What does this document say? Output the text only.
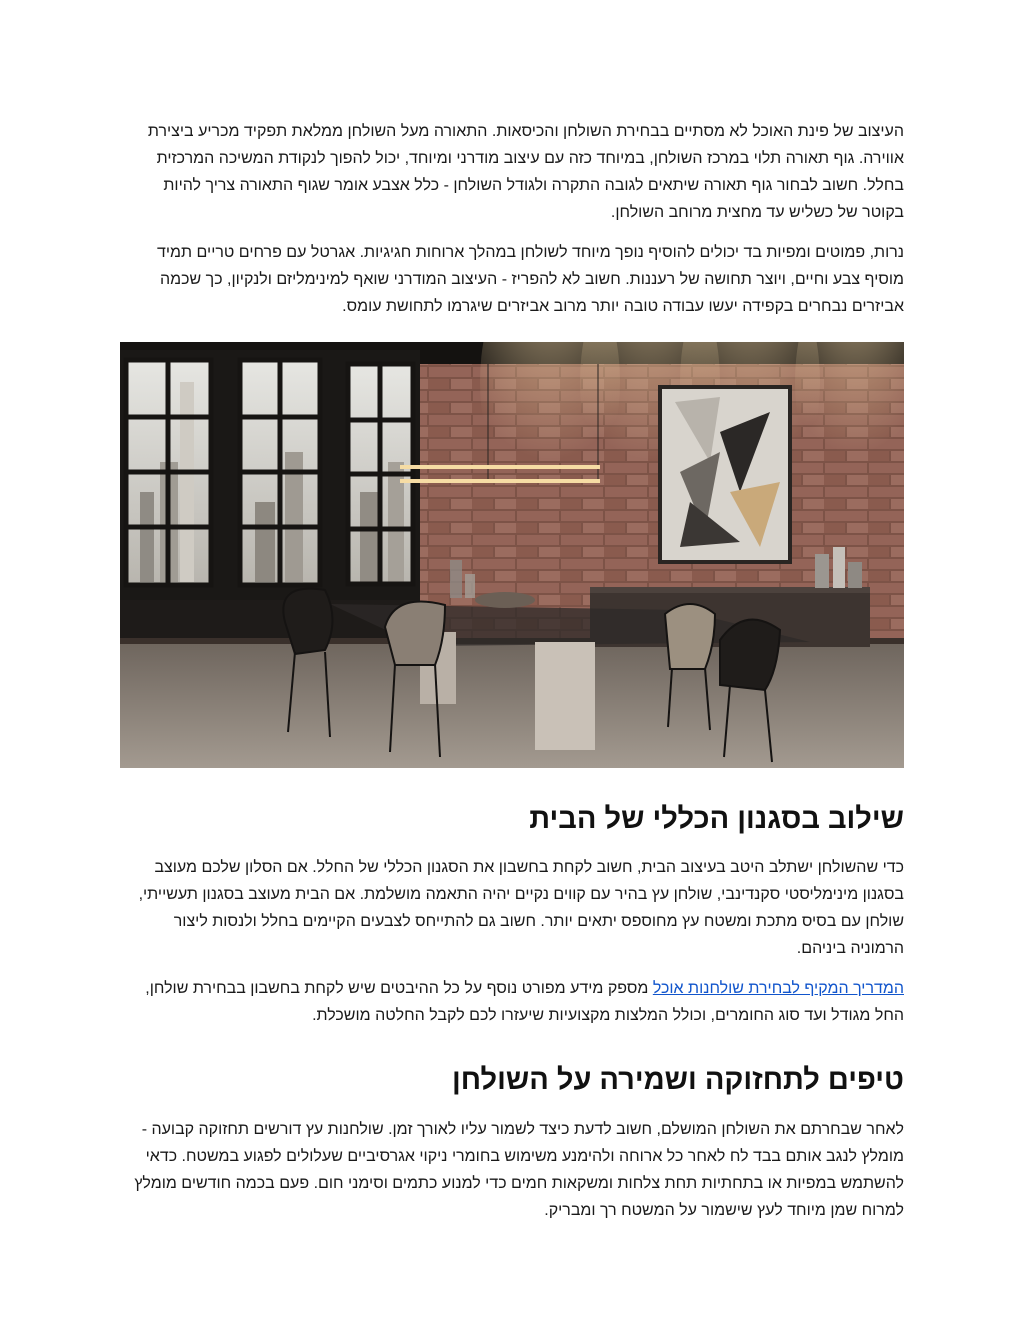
העיצוב של פינת האוכל לא מסתיים בבחירת השולחן והכיסאות. התאורה מעל השולחן ממלאת תפקיד מכריע ביצירת אווירה. גוף תאורה תלוי במרכז השולחן, במיוחד כזה עם עיצוב מודרני ומיוחד, יכול להפוך לנקודת המשיכה המרכזית בחלל. חשוב לבחור גוף תאורה שיתאים לגובה התקרה ולגודל השולחן - כלל אצבע אומר שגוף התאורה צריך להיות בקוטר של כשליש עד מחצית מרוחב השולחן.

נרות, פמוטים ומפיות בד יכולים להוסיף נופך מיוחד לשולחן במהלך ארוחות חגיגיות. אגרטל עם פרחים טריים תמיד מוסיף צבע וחיים, ויוצר תחושה של רעננות. חשוב לא להפריז - העיצוב המודרני שואף למינימליזם ולנקיון, כך שכמה אביזרים נבחרים בקפידה יעשו עבודה טובה יותר מרוב אביזרים שיגרמו לתחושת עומס.

שילוב בסגנון הכללי של הבית

כדי שהשולחן ישתלב היטב בעיצוב הבית, חשוב לקחת בחשבון את הסגנון הכללי של החלל. אם הסלון שלכם מעוצב בסגנון מינימליסטי סקנדינבי, שולחן עץ בהיר עם קווים נקיים יהיה התאמה מושלמת. אם הבית מעוצב בסגנון תעשייתי, שולחן עם בסיס מתכת ומשטח עץ מחוספס יתאים יותר. חשוב גם להתייחס לצבעים הקיימים בחלל ולנסות ליצור הרמוניה ביניהם.

המדריך המקיף לבחירת שולחנות אוכל מספק מידע מפורט נוסף על כל ההיבטים שיש לקחת בחשבון בבחירת שולחן, החל מגודל ועד סוג החומרים, וכולל המלצות מקצועיות שיעזרו לכם לקבל החלטה מושכלת.

טיפים לתחזוקה ושמירה על השולחן

לאחר שבחרתם את השולחן המושלם, חשוב לדעת כיצד לשמור עליו לאורך זמן. שולחנות עץ דורשים תחזוקה קבועה - מומלץ לנגב אותם בבד לח לאחר כל ארוחה ולהימנע משימוש בחומרי ניקוי אגרסיביים שעלולים לפגוע במשטח. כדאי להשתמש במפיות או בתחתיות תחת צלחות ומשקאות חמים כדי למנוע כתמים וסימני חום. פעם בכמה חודשים מומלץ למרוח שמן מיוחד לעץ שישמור על המשטח רך ומבריק.
